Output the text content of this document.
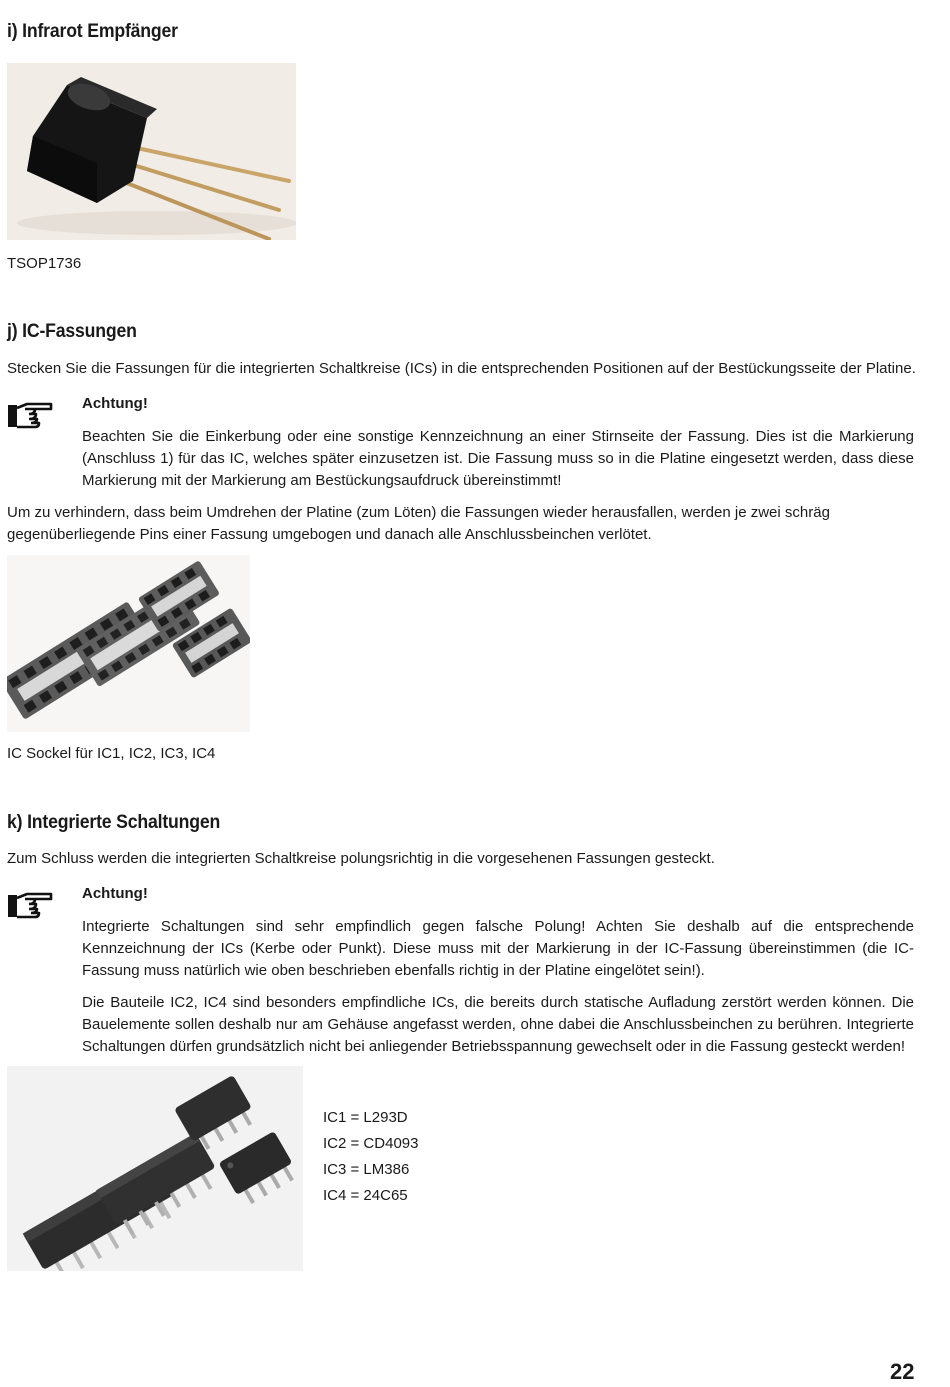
i) Infrarot Empfänger

TSOP1736

j) IC-Fassungen

Stecken Sie die Fassungen für die integrierten Schaltkreise (ICs) in die entsprechenden Positionen auf der Bestückungsseite der Platine.

Achtung!

Beachten Sie die Einkerbung oder eine sonstige Kennzeichnung an einer Stirnseite der Fassung. Dies ist die Markierung (Anschluss 1) für das IC, welches später einzusetzen ist. Die Fassung muss so in die Platine eingesetzt werden, dass diese Markierung mit der Markierung am Bestückungsaufdruck übereinstimmt!

Um zu verhindern, dass beim Umdrehen der Platine (zum Löten) die Fassungen wieder herausfallen, werden je zwei schräg gegenüberliegende Pins einer Fassung umgebogen und danach alle Anschlussbeinchen verlötet.

IC Sockel für IC1, IC2, IC3, IC4

k) Integrierte Schaltungen

Zum Schluss werden die integrierten Schaltkreise polungsrichtig in die vorgesehenen Fassungen gesteckt.

Achtung!

Integrierte Schaltungen sind sehr empfindlich gegen falsche Polung! Achten Sie deshalb auf die entsprechende Kennzeichnung der ICs (Kerbe oder Punkt). Diese muss mit der Markierung in der IC-Fassung übereinstimmen (die IC-Fassung muss natürlich wie oben beschrieben ebenfalls richtig in der Platine eingelötet sein!).

Die Bauteile IC2, IC4 sind besonders empfindliche ICs, die bereits durch statische Aufladung zerstört werden können. Die Bauelemente sollen deshalb nur am Gehäuse angefasst werden, ohne dabei die Anschlussbeinchen zu berühren. Integrierte Schaltungen dürfen grundsätzlich nicht bei anliegender Betriebsspannung gewechselt oder in die Fassung gesteckt werden!

IC1 = L293D

IC2 = CD4093

IC3 = LM386

IC4 = 24C65

22
